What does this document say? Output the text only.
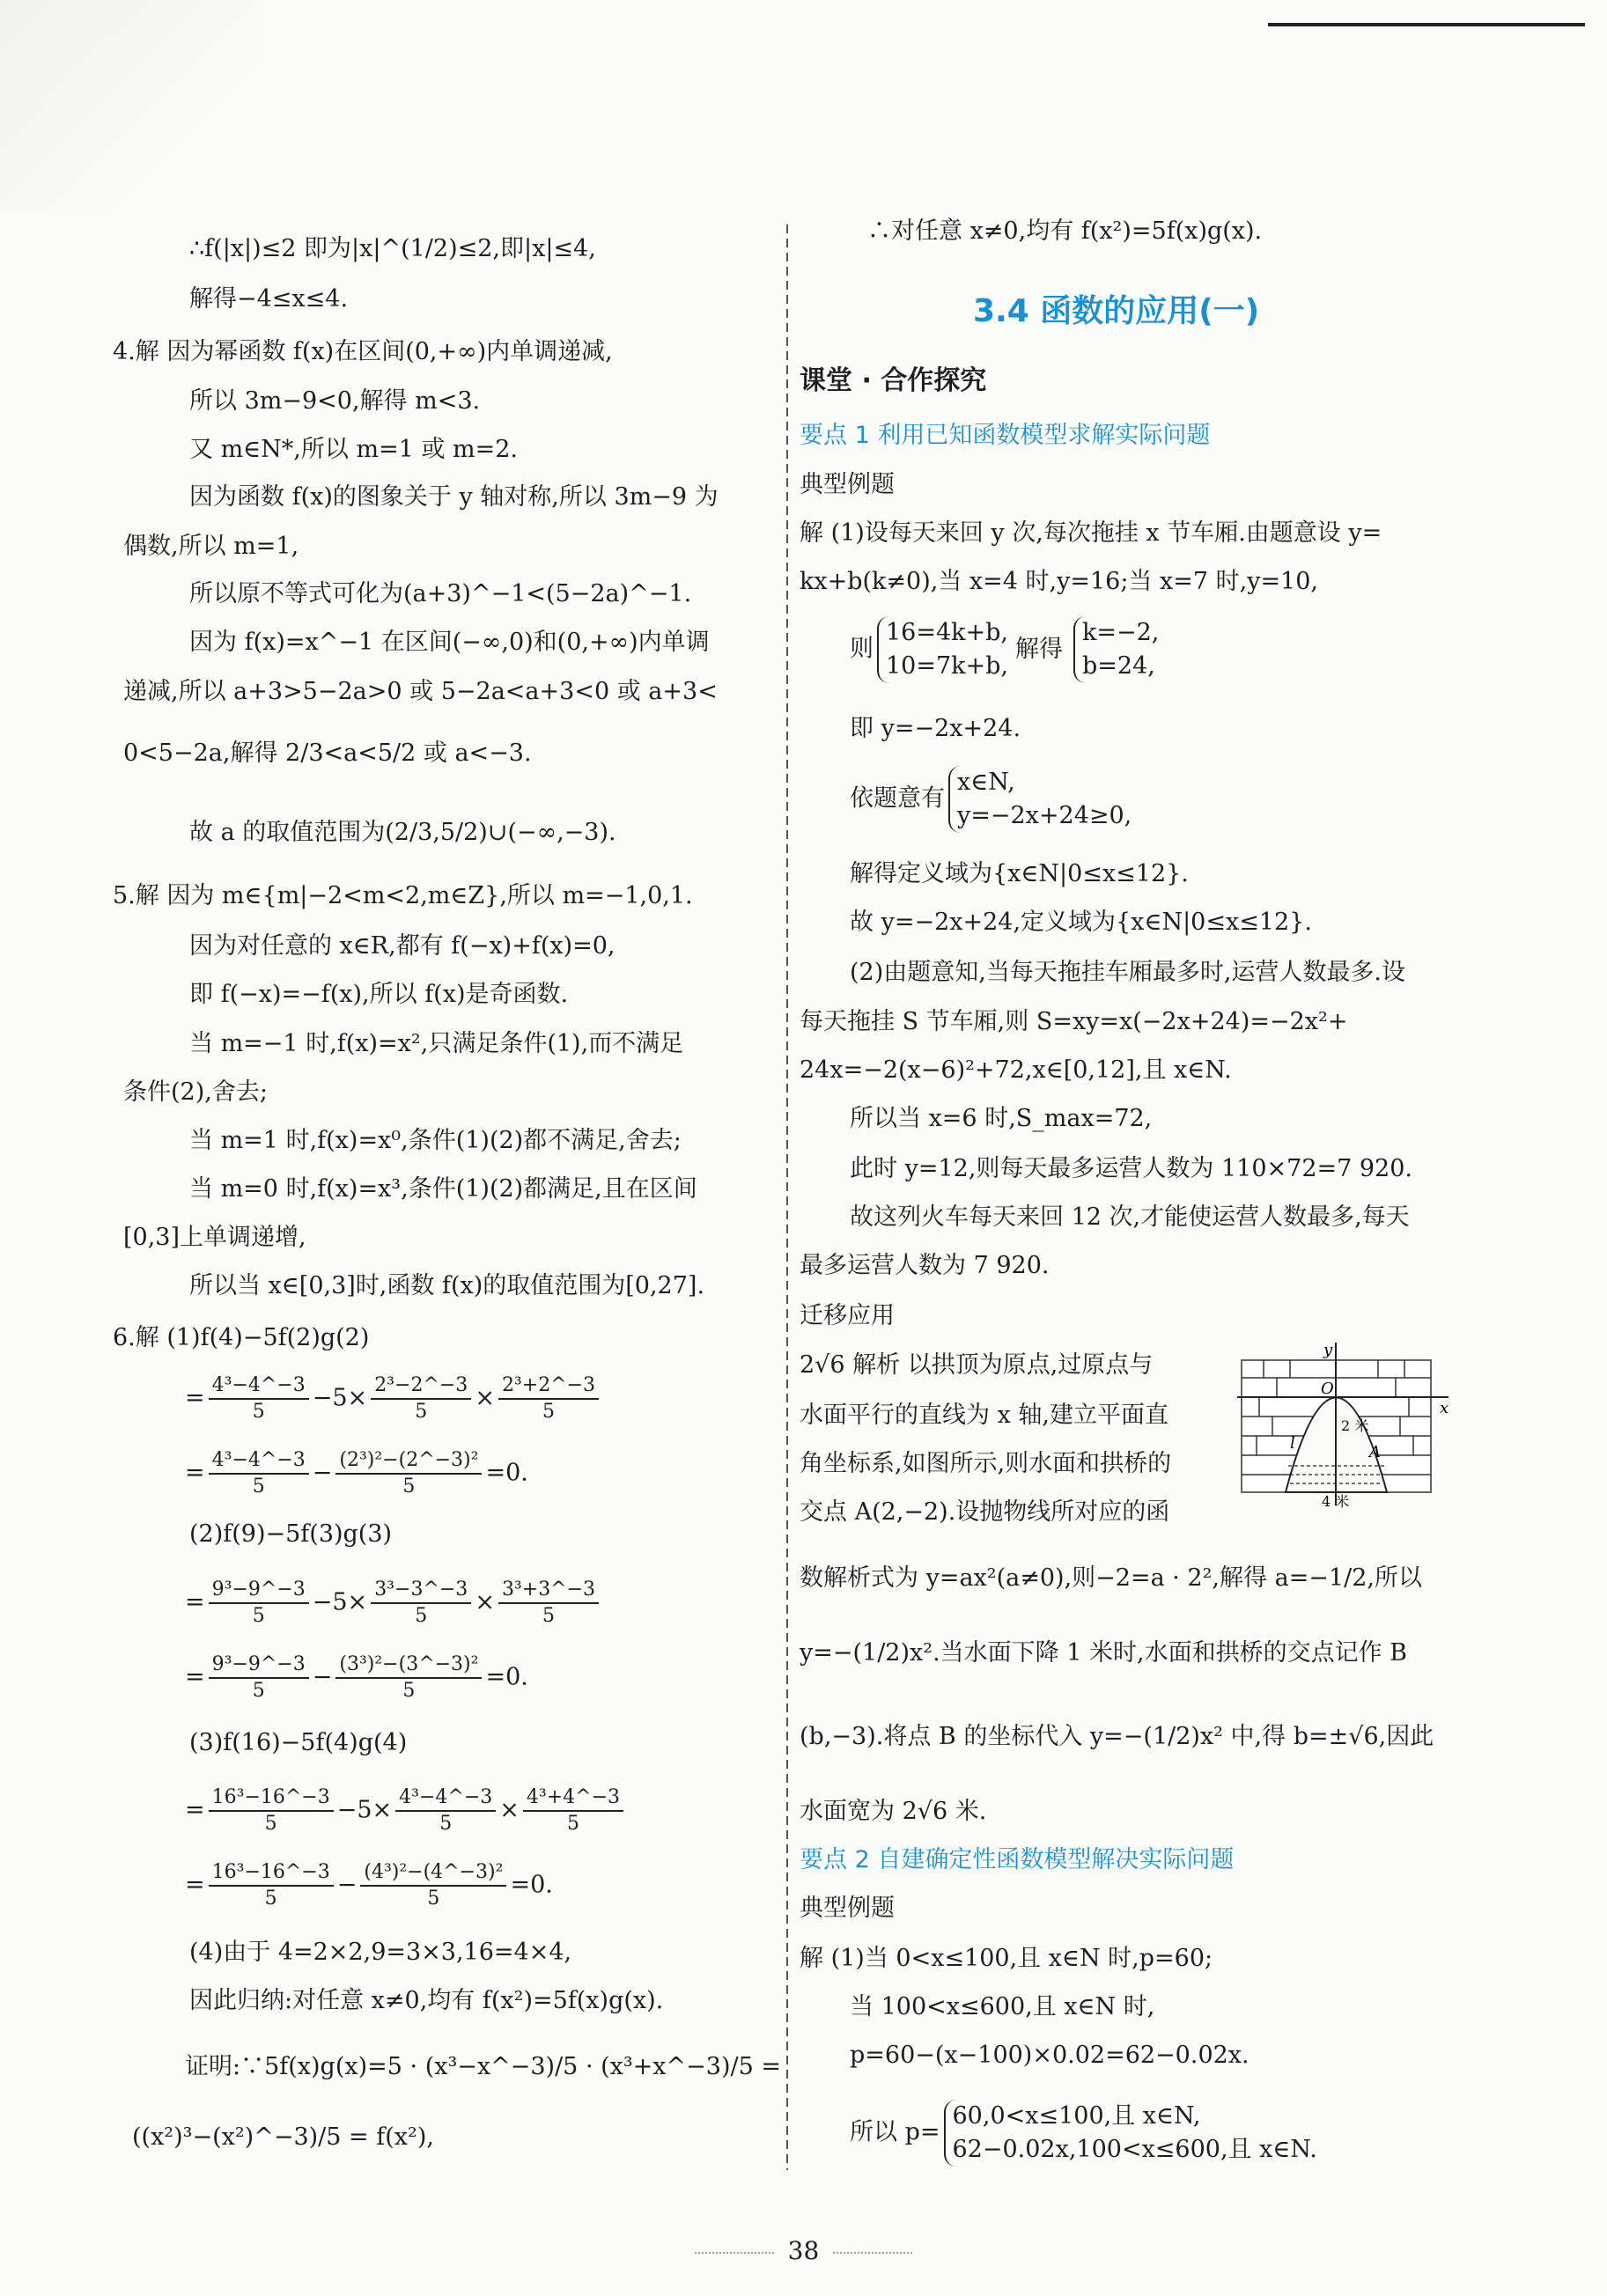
∴f(|x|)≤2 即为|x|^(1/2)≤2,即|x|≤4,
解得−4≤x≤4.
4.解 因为幂函数 f(x)在区间(0,+∞)内单调递减,
所以 3m−9<0,解得 m<3.
又 m∈N*,所以 m=1 或 m=2.
因为函数 f(x)的图象关于 y 轴对称,所以 3m−9 为
偶数,所以 m=1,
所以原不等式可化为(a+3)^−1<(5−2a)^−1.
因为 f(x)=x^−1 在区间(−∞,0)和(0,+∞)内单调
递减,所以 a+3>5−2a>0 或 5−2a<a+3<0 或 a+3<
0<5−2a,解得 2/3<a<5/2 或 a<−3.
故 a 的取值范围为(2/3,5/2)∪(−∞,−3).
5.解 因为 m∈{m|−2<m<2,m∈Z},所以 m=−1,0,1.
因为对任意的 x∈R,都有 f(−x)+f(x)=0,
即 f(−x)=−f(x),所以 f(x)是奇函数.
当 m=−1 时,f(x)=x²,只满足条件(1),而不满足
条件(2),舍去;
当 m=1 时,f(x)=x⁰,条件(1)(2)都不满足,舍去;
当 m=0 时,f(x)=x³,条件(1)(2)都满足,且在区间
[0,3]上单调递增,
所以当 x∈[0,3]时,函数 f(x)的取值范围为[0,27].
6.解 (1)f(4)−5f(2)g(2)
= $\frac{\text{4³−4\textasciicircum{}−3}}{5} -5\times \frac{\text{2³−2\textasciicircum{}−3}}{5} \times \frac{\text{2³+2\textasciicircum{}−3}}{5}$
= $\frac{\text{4³−4\textasciicircum{}−3}}{5} - \frac{\text{(2³)²−(2\textasciicircum{}−3)²}}{5} =0$.
(2)f(9)−5f(3)g(3)
= $\frac{\text{9³−9\textasciicircum{}−3}}{5} -5\times \frac{\text{3³−3\textasciicircum{}−3}}{5} \times \frac{\text{3³+3\textasciicircum{}−3}}{5}$
= $\frac{\text{9³−9\textasciicircum{}−3}}{5} - \frac{\text{(3³)²−(3\textasciicircum{}−3)²}}{5} =0$.
(3)f(16)−5f(4)g(4)
= $\frac{\text{16³−16\textasciicircum{}−3}}{5} -5\times \frac{\text{4³−4\textasciicircum{}−3}}{5} \times \frac{\text{4³+4\textasciicircum{}−3}}{5}$
= $\frac{\text{16³−16\textasciicircum{}−3}}{5} - \frac{\text{(4³)²−(4\textasciicircum{}−3)²}}{5} =0$.
(4)由于 4=2×2,9=3×3,16=4×4,
因此归纳:对任意 x≠0,均有 f(x²)=5f(x)g(x).
证明:∵5f(x)g(x)=5 · (x³−x^−3)/5 · (x³+x^−3)/5 =
((x²)³−(x²)^−3)/5 = f(x²),
∴对任意 x≠0,均有 f(x²)=5f(x)g(x).
3.4 函数的应用(一)
课堂 · 合作探究
要点 1 利用已知函数模型求解实际问题
典型例题
解 (1)设每天来回 y 次,每次拖挂 x 节车厢.由题意设 y=
kx+b(k≠0),当 x=4 时,y=16;当 x=7 时,y=10,
则16=4k+b,
10=7k+b,解得k=−2,
b=24,
即 y=−2x+24.
依题意有x∈N,
y=−2x+24≥0,
解得定义域为{x∈N|0≤x≤12}.
故 y=−2x+24,定义域为{x∈N|0≤x≤12}.
(2)由题意知,当每天拖挂车厢最多时,运营人数最多.设
每天拖挂 S 节车厢,则 S=xy=x(−2x+24)=−2x²+
24x=−2(x−6)²+72,x∈[0,12],且 x∈N.
所以当 x=6 时,S_max=72,
此时 y=12,则每天最多运营人数为 110×72=7 920.
故这列火车每天来回 12 次,才能使运营人数最多,每天
最多运营人数为 7 920.
迁移应用
2√6 解析 以拱顶为原点,过原点与
水面平行的直线为 x 轴,建立平面直
角坐标系,如图所示,则水面和拱桥的
交点 A(2,−2).设抛物线所对应的函
数解析式为 y=ax²(a≠0),则−2=a · 2²,解得 a=−1/2,所以
y=−(1/2)x².当水面下降 1 米时,水面和拱桥的交点记作 B
(b,−3).将点 B 的坐标代入 y=−(1/2)x² 中,得 b=±√6,因此
水面宽为 2√6 米.
要点 2 自建确定性函数模型解决实际问题
典型例题
解 (1)当 0<x≤100,且 x∈N 时,p=60;
当 100<x≤600,且 x∈N 时,
p=60−(x−100)×0.02=62−0.02x.
所以 p=60,0<x≤100,且 x∈N,
62−0.02x,100<x≤600,且 x∈N.
y
x
O
2 米
A
l
4 米
38
